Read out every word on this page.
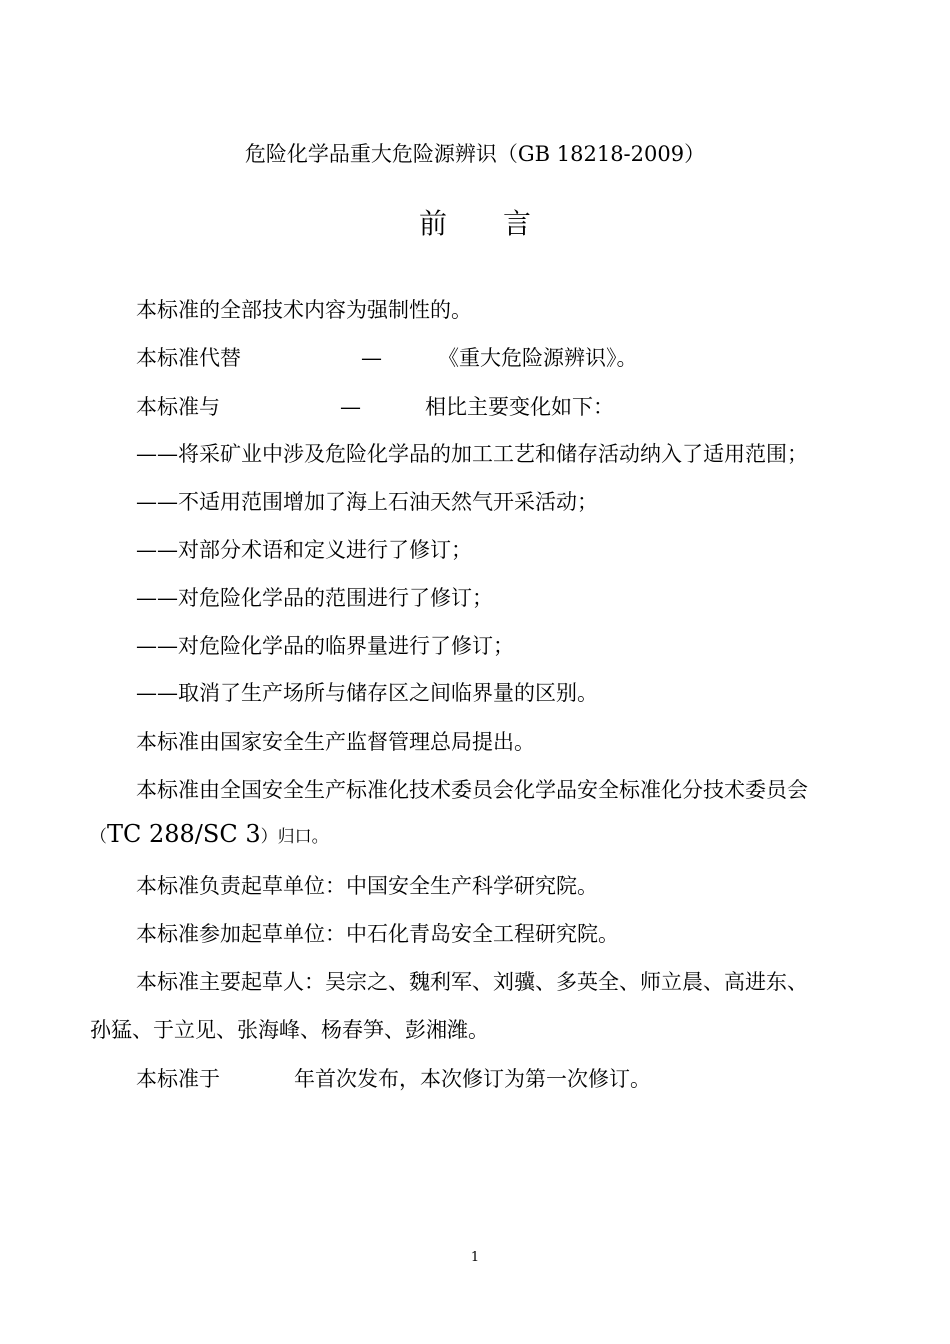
危险化学品重大危险源辨识（GB 18218-2009）
前 言
本标准的全部技术内容为强制性的。
本标准代替	—	《重大危险源辨识》。
本标准与	—	相比主要变化如下：
——将采矿业中涉及危险化学品的加工工艺和储存活动纳入了适用范围；
——不适用范围增加了海上石油天然气开采活动；
——对部分术语和定义进行了修订；
——对危险化学品的范围进行了修订；
——对危险化学品的临界量进行了修订；
——取消了生产场所与储存区之间临界量的区别。
本标准由国家安全生产监督管理总局提出。
本标准由全国安全生产标准化技术委员会化学品安全标准化分技术委员会
（TC 288/SC 3）归口。
本标准负责起草单位：中国安全生产科学研究院。
本标准参加起草单位：中石化青岛安全工程研究院。
本标准主要起草人：吴宗之、魏利军、刘骥、多英全、师立晨、高进东、
孙猛、于立见、张海峰、杨春笋、彭湘潍。
本标准于	年首次发布，本次修订为第一次修订。
1
